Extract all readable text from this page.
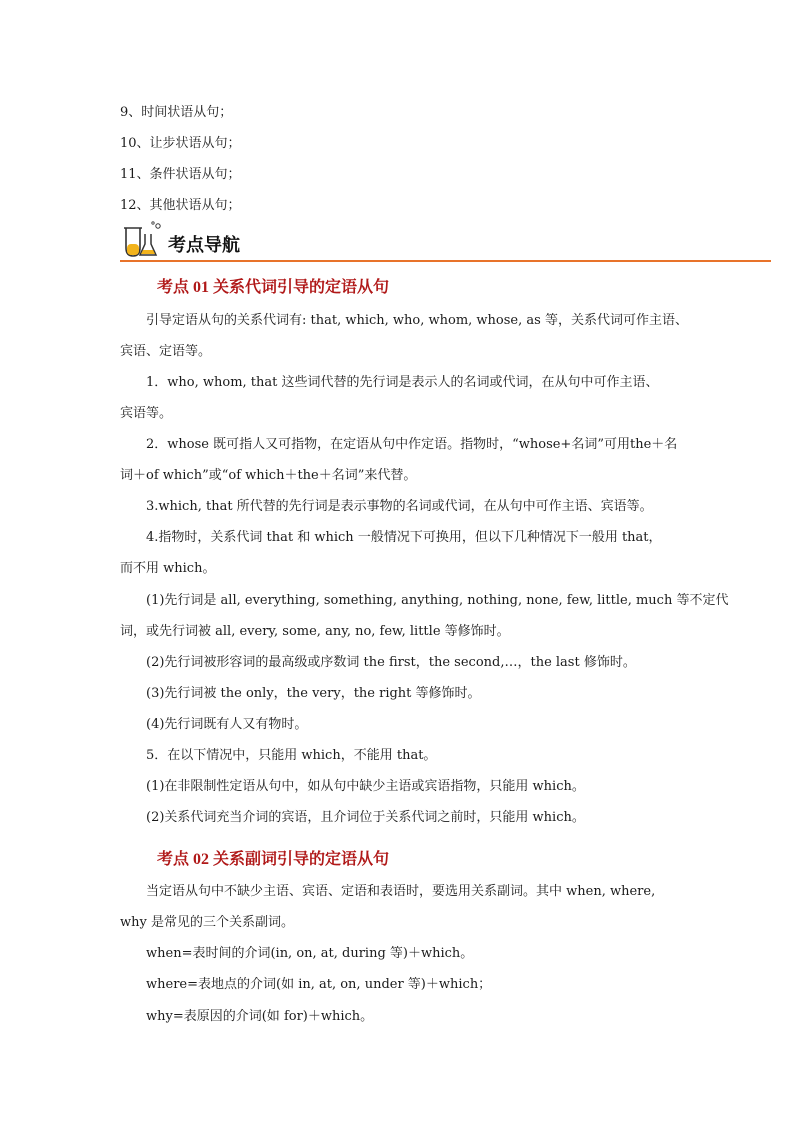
9、时间状语从句；
10、让步状语从句；
11、条件状语从句；
12、其他状语从句；
考点导航
考点 01 关系代词引导的定语从句
引导定语从句的关系代词有: that, which, who, whom, whose, as 等，关系代词可作主语、
宾语、定语等。
1．who, whom, that 这些词代替的先行词是表示人的名词或代词，在从句中可作主语、
宾语等。
2．whose 既可指人又可指物，在定语从句中作定语。指物时，“whose+名词”可用the＋名
词＋of which”或“of which＋the＋名词”来代替。
3.which, that 所代替的先行词是表示事物的名词或代词，在从句中可作主语、宾语等。
4.指物时，关系代词 that 和 which 一般情况下可换用，但以下几种情况下一般用 that，
而不用 which。
(1)先行词是 all, everything, something, anything, nothing, none, few, little, much 等不定代
词，或先行词被 all, every, some, any, no, few, little 等修饰时。
(2)先行词被形容词的最高级或序数词 the first，the second,…，the last 修饰时。
(3)先行词被 the only，the very，the right 等修饰时。
(4)先行词既有人又有物时。
5．在以下情况中，只能用 which，不能用 that。
(1)在非限制性定语从句中，如从句中缺少主语或宾语指物，只能用 which。
(2)关系代词充当介词的宾语，且介词位于关系代词之前时，只能用 which。
考点 02 关系副词引导的定语从句
当定语从句中不缺少主语、宾语、定语和表语时，要选用关系副词。其中 when, where,
why 是常见的三个关系副词。
when=表时间的介词(in, on, at, during 等)＋which。
where=表地点的介词(如 in, at, on, under 等)＋which；
why=表原因的介词(如 for)＋which。
